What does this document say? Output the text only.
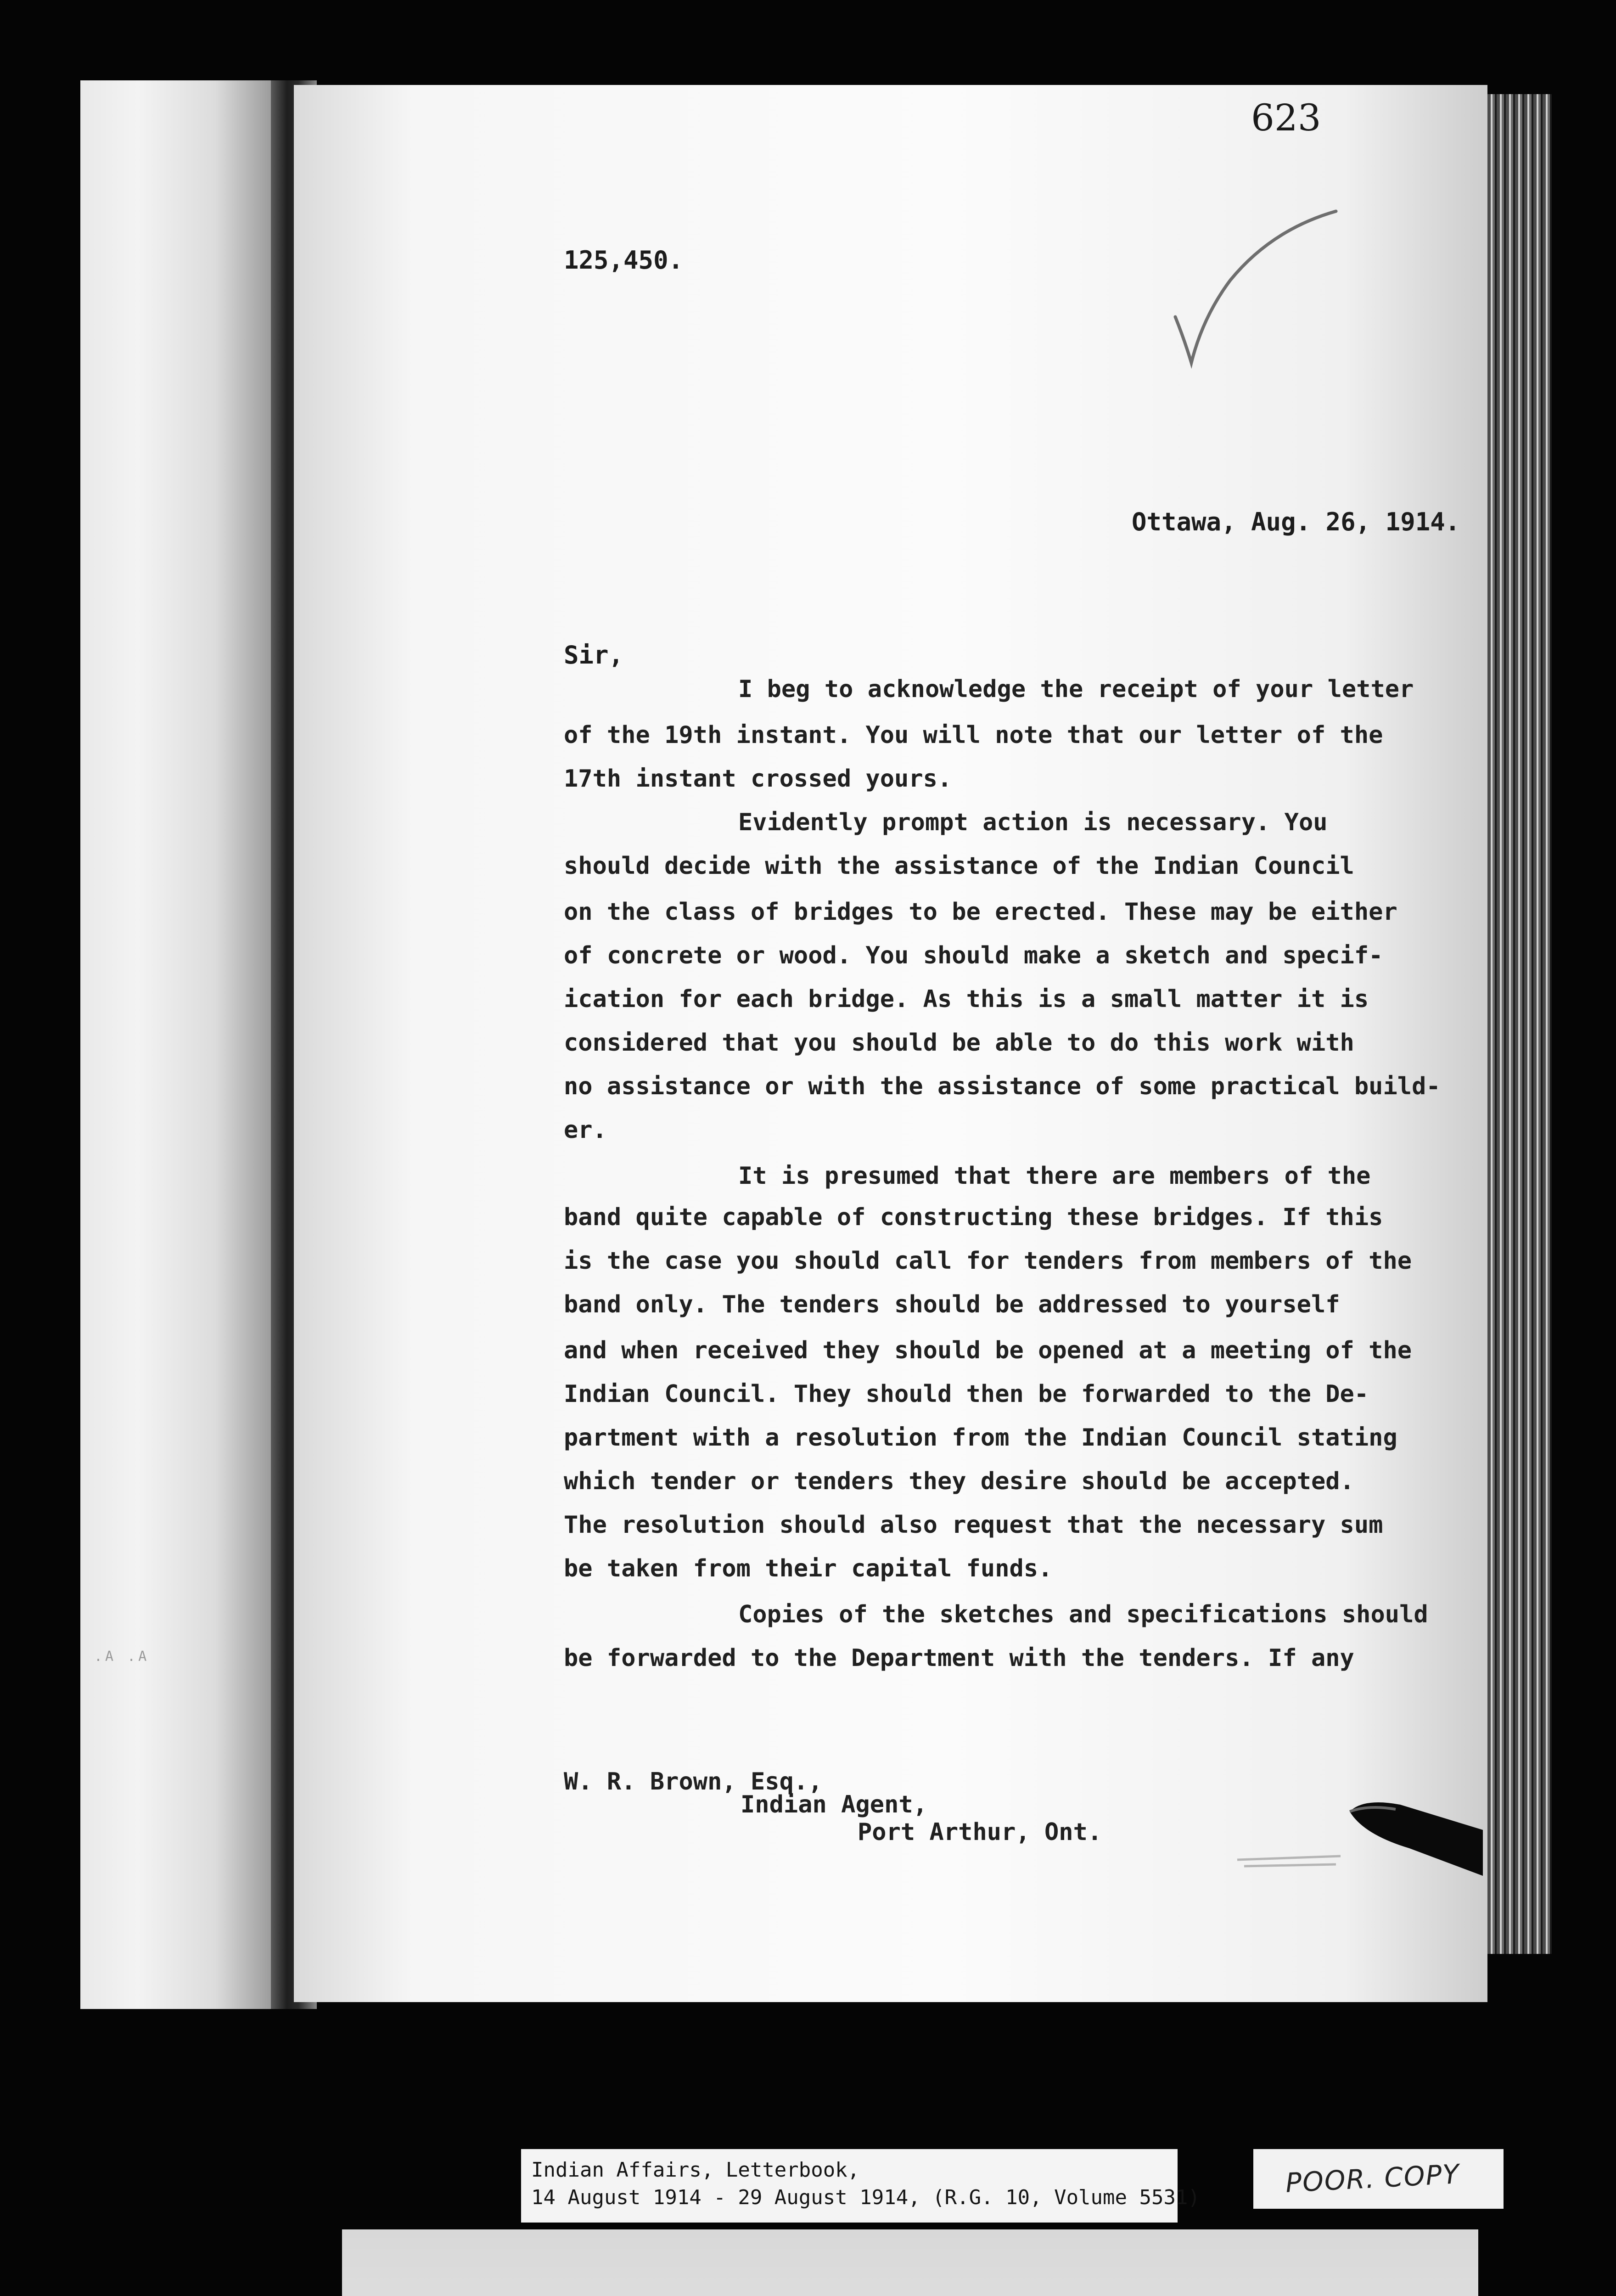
.A .A
623
125,450.
Ottawa, Aug. 26, 1914.
Sir,
I beg to acknowledge the receipt of your letter
of the 19th instant. You will note that our letter of the
17th instant crossed yours.
Evidently prompt action is necessary. You
should decide with the assistance of the Indian Council
on the class of bridges to be erected. These may be either
of concrete or wood. You should make a sketch and specif-
ication for each bridge. As this is a small matter it is
considered that you should be able to do this work with
no assistance or with the assistance of some practical build-
er.
It is presumed that there are members of the
band quite capable of constructing these bridges. If this
is the case you should call for tenders from members of the
band only. The tenders should be addressed to yourself
and when received they should be opened at a meeting of the
Indian Council. They should then be forwarded to the De-
partment with a resolution from the Indian Council stating
which tender or tenders they desire should be accepted.
The resolution should also request that the necessary sum
be taken from their capital funds.
Copies of the sketches and specifications should
be forwarded to the Department with the tenders. If any
W. R. Brown, Esq.,
Indian Agent,
Port Arthur, Ont.
Indian Affairs, Letterbook,
14 August 1914 - 29 August 1914, (R.G. 10, Volume 5531)	POOR. COPY
